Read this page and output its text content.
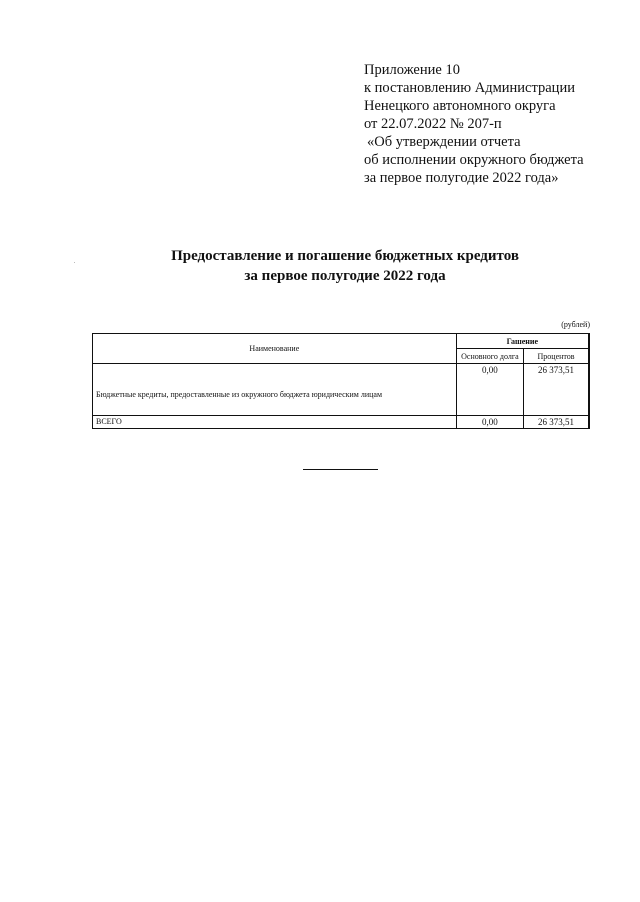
Приложение 10
к постановлению Администрации
Ненецкого автономного округа
от 22.07.2022 № 207-п
«Об утверждении отчета
об исполнении окружного бюджета
за первое полугодие 2022 года»
Предоставление и погашение бюджетных кредитов
за первое полугодие 2022 года
(рублей)
Наименование	Гашение	
	Основного долга	Процентов
Бюджетные кредиты, предоставленные из окружного бюджета юридическим лицам	0,00	26 373,51
ВСЕГО	0,00	26 373,51
